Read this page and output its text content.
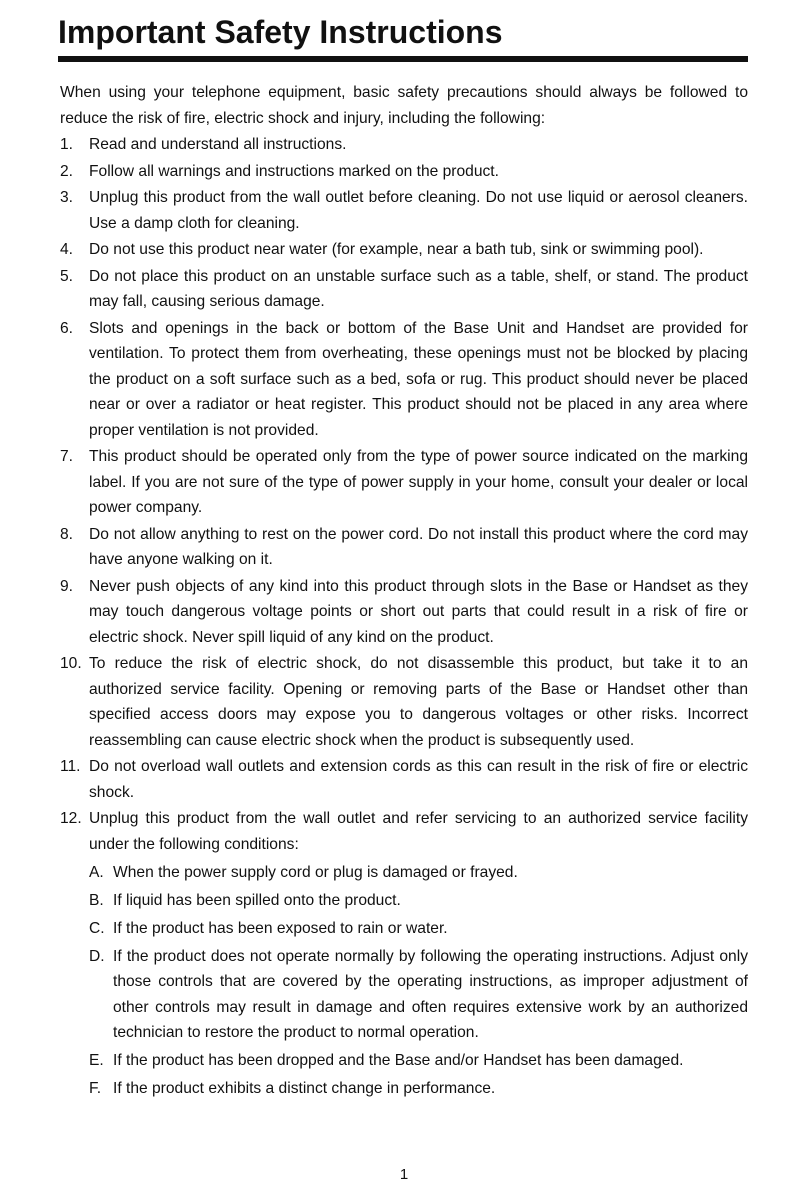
Important Safety Instructions

When using your telephone equipment, basic safety precautions should always be followed to reduce the risk of fire, electric shock and injury, including the following:

1. Read and understand all instructions.
2. Follow all warnings and instructions marked on the product.
3. Unplug this product from the wall outlet before cleaning. Do not use liquid or aerosol cleaners. Use a damp cloth for cleaning.
4. Do not use this product near water (for example, near a bath tub, sink or swimming pool).
5. Do not place this product on an unstable surface such as a table, shelf, or stand. The product may fall, causing serious damage.
6. Slots and openings in the back or bottom of the Base Unit and Handset are provided for ventilation. To protect them from overheating, these openings must not be blocked by placing the product on a soft surface such as a bed, sofa or rug. This product should never be placed near or over a radiator or heat register. This product should not be placed in any area where proper ventilation is not provided.
7. This product should be operated only from the type of power source indicated on the marking label. If you are not sure of the type of power supply in your home, consult your dealer or local power company.
8. Do not allow anything to rest on the power cord. Do not install this product where the cord may have anyone walking on it.
9. Never push objects of any kind into this product through slots in the Base or Handset as they may touch dangerous voltage points or short out parts that could result in a risk of fire or electric shock. Never spill liquid of any kind on the product.
10. To reduce the risk of electric shock, do not disassemble this product, but take it to an authorized service facility. Opening or removing parts of the Base or Handset other than specified access doors may expose you to dangerous voltages or other risks. Incorrect reassembling can cause electric shock when the product is subsequently used.
11. Do not overload wall outlets and extension cords as this can result in the risk of fire or electric shock.
12. Unplug this product from the wall outlet and refer servicing to an authorized service facility under the following conditions:
A. When the power supply cord or plug is damaged or frayed.
B. If liquid has been spilled onto the product.
C. If the product has been exposed to rain or water.
D. If the product does not operate normally by following the operating instructions. Adjust only those controls that are covered by the operating instructions, as improper adjustment of other controls may result in damage and often requires extensive work by an authorized technician to restore the product to normal operation.
E. If the product has been dropped and the Base and/or Handset has been damaged.
F. If the product exhibits a distinct change in performance.
1
